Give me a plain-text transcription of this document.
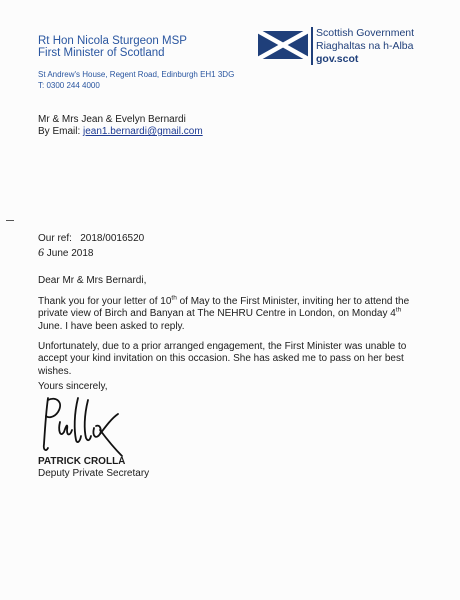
Rt Hon Nicola Sturgeon MSP
First Minister of Scotland
St Andrew's House, Regent Road, Edinburgh EH1 3DG
T: 0300 244 4000
Scottish Government
Riaghaltas na h-Alba
gov.scot
Mr & Mrs Jean & Evelyn Bernardi
By Email: jean1.bernardi@gmail.com
Our ref: 2018/0016520
6 June 2018
Dear Mr & Mrs Bernardi,
Thank you for your letter of 10th of May to the First Minister, inviting her to attend the private view of Birch and Banyan at The NEHRU Centre in London, on Monday 4th June. I have been asked to reply.
Unfortunately, due to a prior arranged engagement, the First Minister was unable to accept your kind invitation on this occasion. She has asked me to pass on her best wishes.
Yours sincerely,
PATRICK CROLLA
Deputy Private Secretary
